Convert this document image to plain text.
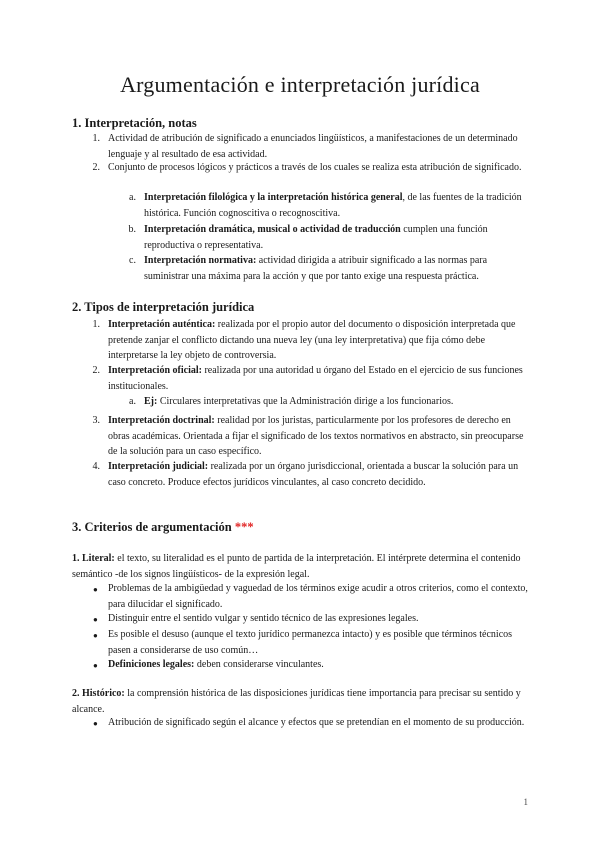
Argumentación e interpretación jurídica
1. Interpretación, notas
1. Actividad de atribución de significado a enunciados lingüísticos, a manifestaciones de un determinado lenguaje y al resultado de esa actividad.
2. Conjunto de procesos lógicos y prácticos a través de los cuales se realiza esta atribución de significado.
a. Interpretación filológica y la interpretación histórica general, de las fuentes de la tradición histórica. Función cognoscitiva o recognoscitiva.
b. Interpretación dramática, musical o actividad de traducción cumplen una función reproductiva o representativa.
c. Interpretación normativa: actividad dirigida a atribuir significado a las normas para suministrar una máxima para la acción y que por tanto exige una respuesta práctica.
2. Tipos de interpretación jurídica
1. Interpretación auténtica: realizada por el propio autor del documento o disposición interpretada que pretende zanjar el conflicto dictando una nueva ley (una ley interpretativa) que fija cómo debe interpretarse la ley objeto de controversia.
2. Interpretación oficial: realizada por una autoridad u órgano del Estado en el ejercicio de sus funciones institucionales.
a. Ej: Circulares interpretativas que la Administración dirige a los funcionarios.
3. Interpretación doctrinal: realidad por los juristas, particularmente por los profesores de derecho en obras académicas. Orientada a fijar el significado de los textos normativos en abstracto, sin preocuparse de la solución para un caso específico.
4. Interpretación judicial: realizada por un órgano jurisdiccional, orientada a buscar la solución para un caso concreto. Produce efectos jurídicos vinculantes, al caso concreto decidido.
3. Criterios de argumentación ***
1. Literal: el texto, su literalidad es el punto de partida de la interpretación. El intérprete determina el contenido semántico -de los signos lingüísticos- de la expresión legal.
● Problemas de la ambigüedad y vaguedad de los términos exige acudir a otros criterios, como el contexto, para dilucidar el significado.
● Distinguir entre el sentido vulgar y sentido técnico de las expresiones legales.
● Es posible el desuso (aunque el texto jurídico permanezca intacto) y es posible que términos técnicos pasen a considerarse de uso común…
● Definiciones legales: deben considerarse vinculantes.
2. Histórico: la comprensión histórica de las disposiciones jurídicas tiene importancia para precisar su sentido y alcance.
● Atribución de significado según el alcance y efectos que se pretendían en el momento de su producción.
1
